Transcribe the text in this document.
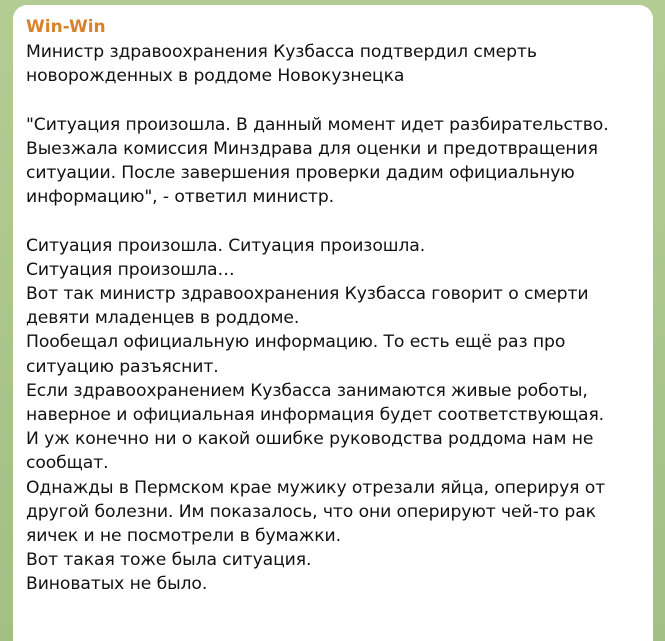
Win-Win

Министр здравоохранения Кузбасса подтвердил смерть

новорожденных в роддоме Новокузнецка

"Ситуация произошла. В данный момент идет разбирательство.

Выезжала комиссия Минздрава для оценки и предотвращения

ситуации. После завершения проверки дадим официальную

информацию", - ответил министр.

Ситуация произошла. Ситуация произошла.

Ситуация произошла…

Вот так министр здравоохранения Кузбасса говорит о смерти

девяти младенцев в роддоме.

Пообещал официальную информацию. То есть ещё раз про

ситуацию разъяснит.

Если здравоохранением Кузбасса занимаются живые роботы,

наверное и официальная информация будет соответствующая.

И уж конечно ни о какой ошибке руководства роддома нам не

сообщат.

Однажды в Пермском крае мужику отрезали яйца, оперируя от

другой болезни. Им показалось, что они оперируют чей-то рак

яичек и не посмотрели в бумажки.

Вот такая тоже была ситуация.

Виноватых не было.
